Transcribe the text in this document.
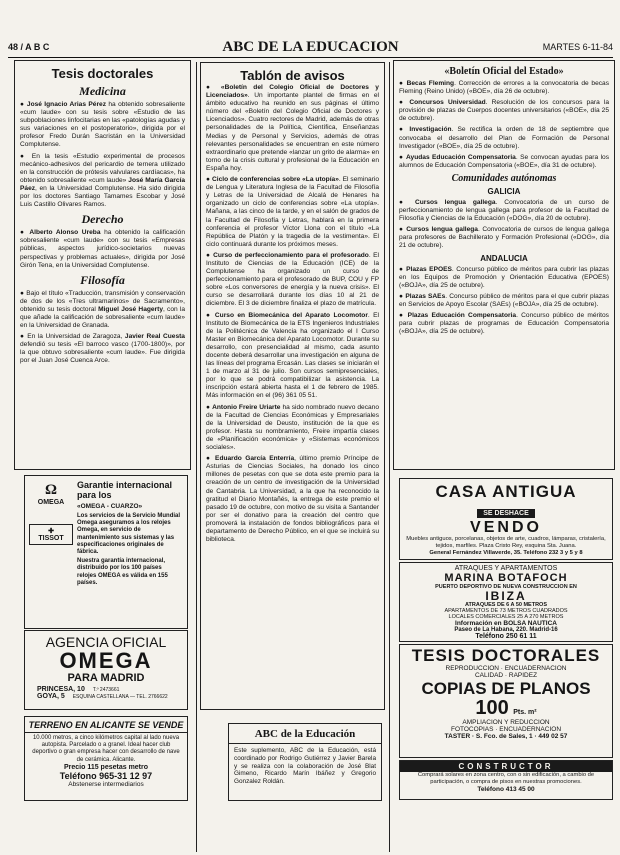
48 / A B C	ABC DE LA EDUCACION	MARTES 6-11-84
Tesis doctorales
Medicina

● José Ignacio Arias Pérez ha obtenido sobresaliente «cum laude» con su tesis sobre «Estudio de las subpoblaciones linfocitarias en las «patologías agudas y sus variaciones en el postoperatorio», dirigida por el profesor Fredo Durán Sacristán en la Universidad Complutense.

● En la tesis «Estudio experimental de procesos mecánico-adhesivos del pericardio de ternera utilizado en la construcción de prótesis valvulares cardíacas», ha obtenido sobresaliente «cum laude» José María García Páez, en la Universidad Complutense. Ha sido dirigida por los doctores Santiago Tamames Escobar y José Luis Castillo Olivares Ramos.

Derecho

● Alberto Alonso Ureba ha obtenido la calificación sobresaliente «cum laude» con su tesis «Empresas públicas, aspectos jurídico-societarios nuevas perspectivas y problemas actuales», dirigida por José Girón Tena, en la Universidad Complutense.

Filosofía

● Bajo el título «Traducción, transmisión y conservación de dos de los «Tres ultramarinos» de Sacramento», obtenido su tesis doctoral Miguel José Hagerty, con la que añade la calificación de sobresaliente «cum laude» en la Universidad de Granada.

● En la Universidad de Zaragoza, Javier Real Cuesta defendió su tesis «El barroco vasco (1700-1800)», por la que obtuvo sobresaliente «cum laude». Fue dirigida por el Juan José Cuenca Arce.

Ω
OMEGA
✚
TISSOT
Garantie internacional para los
«OMEGA - CUARZO»
Los servicios de la Servicio Mundial Omega aseguramos a los relojes Omega, en servicio de mantenimiento sus sistemas y las especificaciones originales de fábrica.
Nuestra garantía internacional, distribuido por los 100 países relojes OMEGA es válida en 155 países.
AGENCIA OFICIAL
OMEGA
PARA MADRID
PRINCESA, 10 T.º 2473661
GOYA, 5 ESQUINA CASTELLANA — TEL. 2766622
TERRENO EN ALICANTE SE VENDE
10.000 metros, a cinco kilómetros capital al lado nueva autopista. Parcelado o a granel. Ideal hacer club deportivo o gran empresa hacer con desarrollo de nave de cerámica. Alicante.
Precio 115 pesetas metro
Teléfono 965-31 12 97
Abstenerse intermediarios
Tablón de avisos

● «Boletín del Colegio Oficial de Doctores y Licenciados». Un importante plantel de firmas en el ámbito educativo ha reunido en sus páginas el último número del «Boletín del Colegio Oficial de Doctores y Licenciados». Cuatro rectores de Madrid, además de otras personalidades de la Política, Científica, Enseñanzas Medias y de Personal y Servicios, además de otras relevantes personalidades se encuentran en este número extraordinario que pretende «lanzar un grito de alarma» en torno de la crisis cultural y profesional de la Educación en España hoy.

● Ciclo de conferencias sobre «La utopía». El seminario de Lengua y Literatura Inglesa de la Facultad de Filosofía y Letras de la Universidad de Alcalá de Henares ha organizado un ciclo de conferencias sobre «La utopía». Mañana, a las cinco de la tarde, y en el salón de grados de la Facultad de Filosofía y Letras, hablará en la primera conferencia el profesor Víctor Llona con el título «La República de Platón y la tragedia de la vestimenta». El ciclo continuará durante los próximos meses.

● Curso de perfeccionamiento para el profesorado. El Instituto de Ciencias de la Educación (ICE) de la Complutense ha organizado un curso de perfeccionamiento para el profesorado de BUP, COU y FP sobre «Los conversores de energía y la nueva crisis». El curso se desarrollará durante los días 10 al 21 de diciembre. El 3 de diciembre finaliza el plazo de matrícula.

● Curso en Biomecánica del Aparato Locomotor. El Instituto de Biomecánica de la ETS Ingenieros Industriales de la Politécnica de Valencia ha organizado el I Curso Master en Biomecánica del Aparato Locomotor. Durante su desarrollo, con presencialidad al mismo, cada asunto docente deberá desarrollar una investigación en alguna de las líneas del programa Ercasán. Las clases se iniciarán el 1 de marzo al 31 de julio. Son cursos semipresenciales, por lo que se podrá compatibilizar la asistencia. La inscripción estará abierta hasta el 1 de febrero de 1985. Más información en el (96) 361 05 51.

● Antonio Freire Uriarte ha sido nombrado nuevo decano de la Facultad de Ciencias Económicas y Empresariales de la Universidad de Deusto, institución de la que es profesor. Hasta su nombramiento, Freire impartía clases de «Planificación económica» y «Sistemas económicos sociales».

● Eduardo García Enterría, último premio Príncipe de Asturias de Ciencias Sociales, ha donado los cinco millones de pesetas con que se dota este premio para la creación de un centro de investigación de la Universidad de Cantabria. La Universidad, a la que ha reconocido la gratitud el Diario Montañés, la entrega de este premio el pasado 19 de octubre, con motivo de su visita a Santander por ser el donativo para la creación del centro que promoverá la instalación de fondos bibliográficos para el departamento de Derecho Público, en el que se incluirá su biblioteca.

ABC de la Educación
Este suplemento, ABC de la Educación, está coordinado por Rodrigo Gutiérrez y Javier Barela y se realiza con la colaboración de José Blat Gimeno, Ricardo Marín Ibáñez y Gregorio Gonzalez Roldán.
«Boletín Oficial del Estado»

● Becas Fleming. Corrección de errores a la convocatoria de becas Fleming (Reino Unido) («BOE», día 26 de octubre).

● Concursos Universidad. Resolución de los concursos para la provisión de plazas de Cuerpos docentes universitarios («BOE», día 25 de octubre).

● Investigación. Se rectifica la orden de 18 de septiembre que convocaba el desarrollo del Plan de Formación de Personal Investigador («BOE», día 25 de octubre).

● Ayudas Educación Compensatoria. Se convocan ayudas para los alumnos de Educación Compensatoria («BOE», día 31 de octubre).

Comunidades autónomas
GALICIA

● Cursos lengua gallega. Convocatoria de un curso de perfeccionamiento de lengua gallega para profesor de la Facultad de Filosofía y Ciencias de la Educación («DOG», día 20 de octubre).

● Cursos lengua gallega. Convocatoria de cursos de lengua gallega para profesores de Bachillerato y Formación Profesional («DOG», día 21 de octubre).

ANDALUCIA

● Plazas EPOES. Concurso público de méritos para cubrir las plazas en los Equipos de Promoción y Orientación Educativa (EPOES) («BOJA», día 25 de octubre).

● Plazas SAEs. Concurso público de méritos para el que cubrir plazas en Servicios de Apoyo Escolar (SAEs) («BOJA», día 25 de octubre).

● Plazas Educación Compensatoria. Concurso público de méritos para cubrir plazas de programas de Educación Compensatoria («BOJA», día 25 de octubre).

CASA ANTIGUA
SE DESHACE
VENDO
Muebles antiguos, porcelanas, objetos de arte, cuadros, lámparas, cristalería, tejidos, marfiles. Plaza Cristo Rey, esquina Sta. Juana.
General Fernández Villaverde, 35. Teléfono 232 3 y 5 y 8
ATRAQUES Y APARTAMENTOS
MARINA BOTAFOCH
PUERTO DEPORTIVO DE NUEVA CONSTRUCCION EN
IBIZA
ATRAQUES DE 6 A 50 METROS
APARTAMENTOS DE 73 METROS CUADRADOS
LOCALES COMERCIALES 25 A 270 METROS
Información en BOLSA NAUTICA
Paseo de La Habana, 220. Madrid-16
Teléfono 250 61 11
TESIS DOCTORALES
REPRODUCCION · ENCUADERNACION
CALIDAD · RAPIDEZ
COPIAS DE PLANOS
100 Pts. m²
AMPLIACION Y REDUCCION
FOTOCOPIAS · ENCUADERNACION
TASTER · S. Fco. de Sales, 1 · 449 02 57
CONSTRUCTOR
Comprará solares en zona centro, con o sin edificación, a cambio de participación, o compra de pisos en nuestras promociones.
Teléfono 413 45 00
